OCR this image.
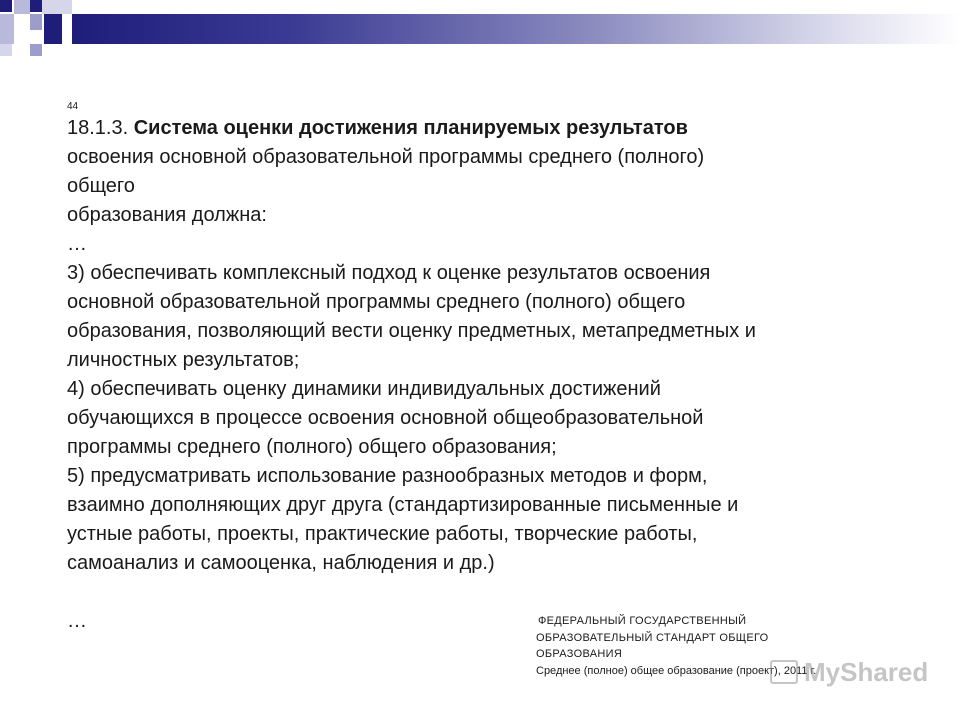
44
18.1.3. Система оценки достижения планируемых результатов
освоения основной образовательной программы среднего (полного)
общего
образования должна:
…
3) обеспечивать комплексный подход к оценке результатов освоения
основной образовательной программы среднего (полного) общего
образования, позволяющий вести оценку предметных, метапредметных и
личностных результатов;
4) обеспечивать оценку динамики индивидуальных достижений
обучающихся в процессе освоения основной общеобразовательной
программы среднего (полного) общего образования;
5) предусматривать использование разнообразных методов и форм,
взаимно дополняющих друг друга (стандартизированные письменные и
устные работы, проекты, практические работы, творческие работы,
самоанализ и самооценка, наблюдения и др.)
…	ФЕДЕРАЛЬНЫЙ ГОСУДАРСТВЕННЫЙ
ОБРАЗОВАТЕЛЬНЫЙ СТАНДАРТ ОБЩЕГО
ОБРАЗОВАНИЯ
Среднее (полное) общее образование (проект), 2011 г.
MyShared
